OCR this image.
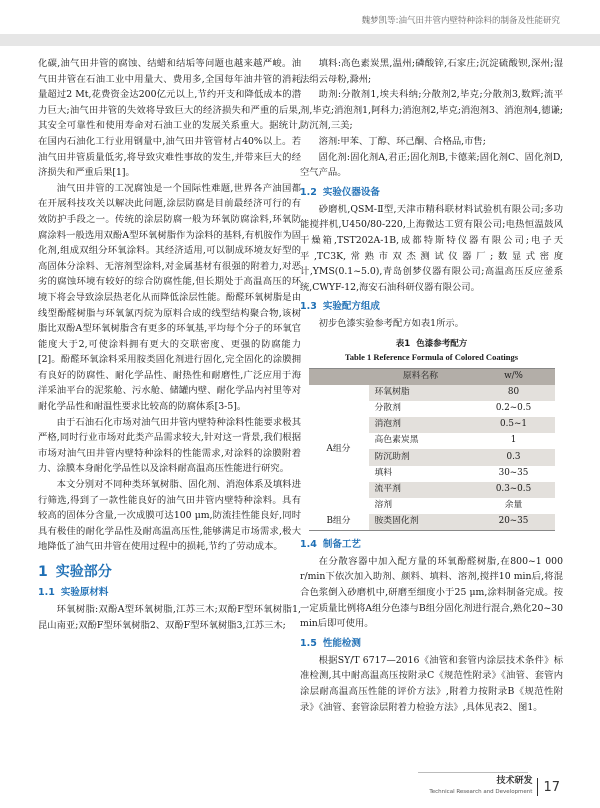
魏梦凯等:油气田井管内壁特种涂料的制备及性能研究

化碳,油气田井管的腐蚀、结蜡和结垢等问题也越来越严峻。油气田井管在石油工业中用量大、费用多,全国每年油井管的消耗量超过2 Mt,花费资金达200亿元以上,节约开支和降低成本的潜力巨大;油气田井管的失效将导致巨大的经济损失和严重的后果,其安全可靠性和使用寿命对石油工业的发展关系重大。据统计,在国内石油化工行业用钢量中,油气田井管管材占40%以上。若油气田井管质量低劣,将导致灾难性事故的发生,并带来巨大的经济损失和严重后果[1]。

油气田井管的工况腐蚀是一个国际性难题,世界各产油国都在开展科技攻关以解决此问题,涂层防腐是目前最经济可行的有效防护手段之一。传统的涂层防腐一般为环氧防腐涂料,环氧防腐涂料一般选用双酚A型环氧树脂作为涂料的基料,有机胺作为固化剂,组成双组分环氧涂料。其经济适用,可以制成环境友好型的高固体分涂料、无溶剂型涂料,对金属基材有很强的附着力,对恶劣的腐蚀环境有较好的综合防腐性能,但长期处于高温高压的环境下将会导致涂层热老化从而降低涂层性能。酚醛环氧树脂是由线型酚醛树脂与环氧氯丙烷为原料合成的线型结构聚合物,该树脂比双酚A型环氧树脂含有更多的环氧基,平均每个分子的环氧官能度大于2,可使涂料拥有更大的交联密度、更强的防腐能力[2]。酚醛环氧涂料采用胺类固化剂进行固化,完全固化的涂膜拥有良好的防腐性、耐化学品性、耐热性和耐磨性,广泛应用于海洋采油平台的泥浆舱、污水舱、储罐内壁、耐化学品内衬里等对耐化学品性和耐温性要求比较高的防腐体系[3-5]。

由于石油石化市场对油气田井管内壁特种涂料性能要求极其严格,同时行业市场对此类产品需求较大,针对这一背景,我们根据市场对油气田井管内壁特种涂料的性能需求,对涂料的涂膜附着力、涂膜本身耐化学品性以及涂料耐高温高压性能进行研究。

本文分别对不同种类环氧树脂、固化剂、消泡体系及填料进行筛选,得到了一款性能良好的油气田井管内壁特种涂料。具有较高的固体分含量,一次成膜可达100 μm,防流挂性能良好,同时具有极佳的耐化学品性及耐高温高压性,能够满足市场需求,极大地降低了油气田井管在使用过程中的损耗,节约了劳动成本。

1 实验部分
1.1 实验原材料

环氧树脂:双酚A型环氧树脂,江苏三木;双酚F型环氧树脂1,昆山南亚;双酚F型环氧树脂2、双酚F型环氧树脂3,江苏三木;

填料:高色素炭黑,温州;磷酸锌,石家庄;沉淀硫酸钡,深州;湿法绢云母粉,滁州;

助剂:分散剂1,埃夫科纳;分散剂2,毕克;分散剂3,数辉;流平剂,毕克;消泡剂1,阿科力;消泡剂2,毕克;消泡剂3、消泡剂4,德谦;防沉剂,三美;

溶剂:甲苯、丁醇、环己酮、合格品,市售;

固化剂:固化剂A,君正;固化剂B,卡德莱;固化剂C、固化剂D,空气产品。

1.2 实验仪器设备

砂磨机,QSM-Ⅱ型,天津市精科联材料试验机有限公司;多功能搅拌机,U450/80-220,上海微达工贸有限公司;电热恒温鼓风干燥箱,TST202A-1B,成都特斯特仪器有限公司;电子天平,TC3K,常熟市双杰测试仪器厂;数显式密度计,YMS(0.1~5.0),青岛创梦仪器有限公司;高温高压反应釜系统,CWYF-12,海安石油科研仪器有限公司。

1.3 实验配方组成

初步色漆实验参考配方如表1所示。

表1 色漆参考配方
Table 1 Reference Formula of Colored Coatings
	原料名称	w/%
A组分	环氧树脂	80
	分散剂	0.2~0.5
	消泡剂	0.5~1
	高色素炭黑	1
	防沉助剂	0.3
	填料	30~35
	流平剂	0.3~0.5
	溶剂	余量
B组分	胺类固化剂	20~35
1.4 制备工艺

在分散容器中加入配方量的环氧酚醛树脂,在800~1 000 r/min下依次加入助剂、颜料、填料、溶剂,搅拌10 min后,将混合色浆倒入砂磨机中,研磨至细度小于25 μm,涂料制备完成。按一定质量比例将A组分色漆与B组分固化剂进行混合,熟化20~30 min后即可使用。

1.5 性能检测

根据SY/T 6717—2016《油管和套管内涂层技术条件》标准检测,其中耐高温高压按附录C《规范性附录》《油管、套管内涂层耐高温高压性能的评价方法》,附着力按附录B《规范性附录》《油管、套管涂层附着力检验方法》,具体见表2、图1。

技术研发
Technical Research and Development 17
